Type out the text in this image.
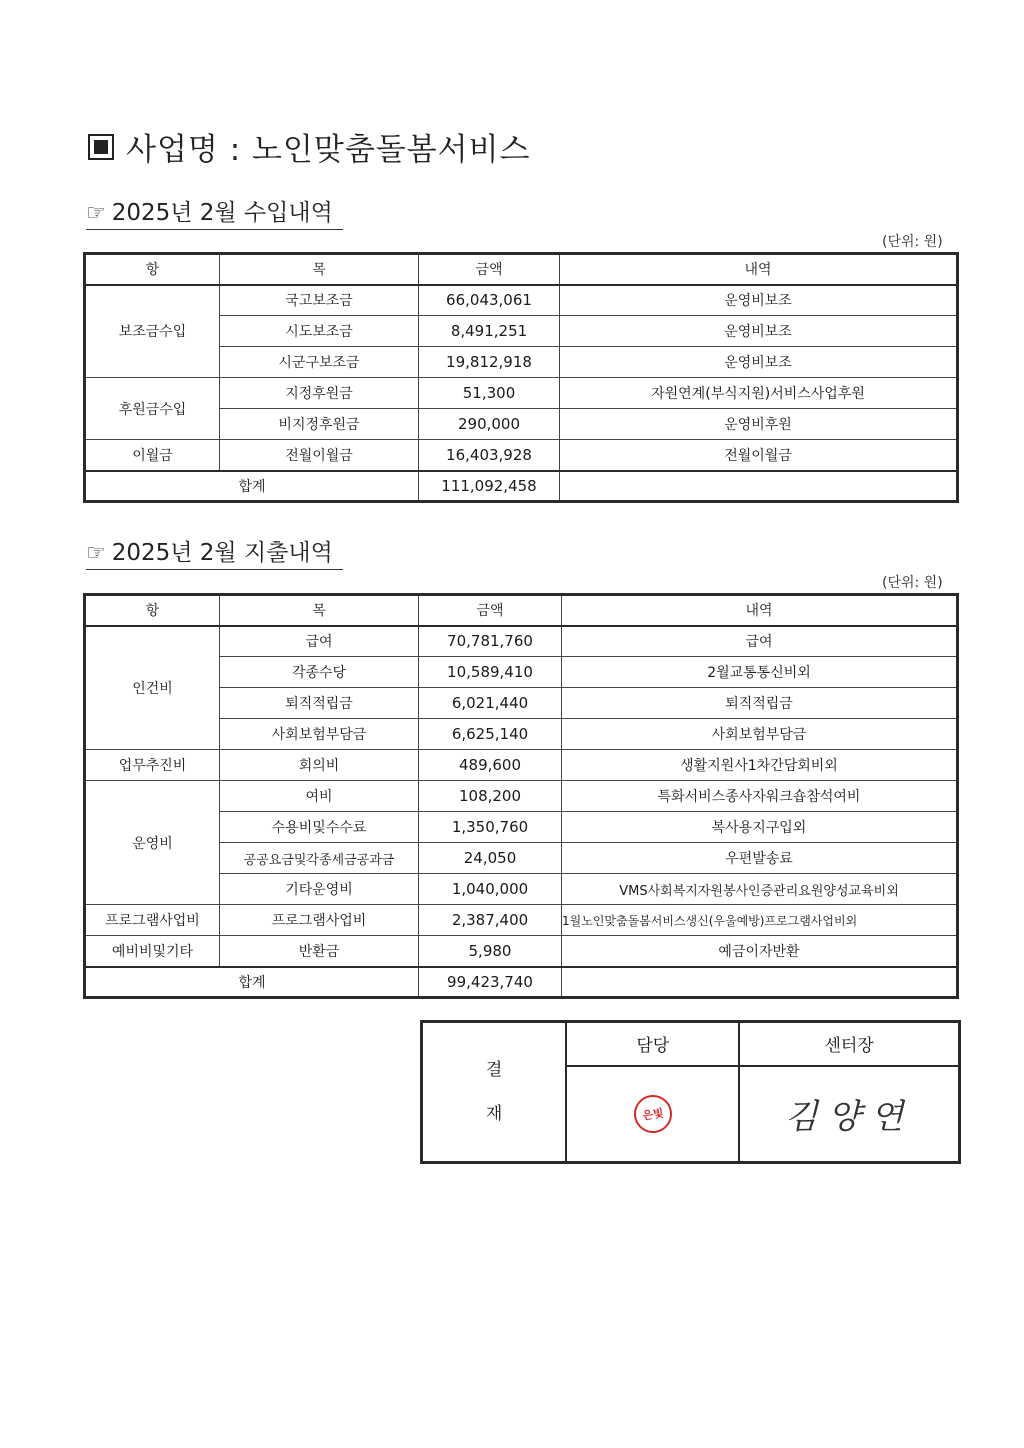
사업명 : 노인맞춤돌봄서비스
☞ 2025년 2월 수입내역
(단위: 원)
항	목	금액	내역
보조금수입	국고보조금	66,043,061	운영비보조
	시도보조금	8,491,251	운영비보조
	시군구보조금	19,812,918	운영비보조
후원금수입	지정후원금	51,300	자원연계(부식지원)서비스사업후원
	비지정후원금	290,000	운영비후원
이월금	전월이월금	16,403,928	전월이월금
합계		111,092,458	
☞ 2025년 2월 지출내역
(단위: 원)
항	목	금액	내역
인건비	급여	70,781,760	급여
	각종수당	10,589,410	2월교통통신비외
	퇴직적립금	6,021,440	퇴직적립금
	사회보험부담금	6,625,140	사회보험부담금
업무추진비	회의비	489,600	생활지원사1차간담회비외
운영비	여비	108,200	특화서비스종사자워크숍참석여비
	수용비및수수료	1,350,760	복사용지구입외
	공공요금및각종세금공과금	24,050	우편발송료
	기타운영비	1,040,000	VMS사회복지자원봉사인증관리요원양성교육비외
프로그램사업비	프로그램사업비	2,387,400	1월노인맞춤돌봄서비스생신(우울예방)프로그램사업비외
예비비및기타	반환금	5,980	예금이자반환
합계		99,423,740	
결
재	담당	센터장
	은빛	김양연
